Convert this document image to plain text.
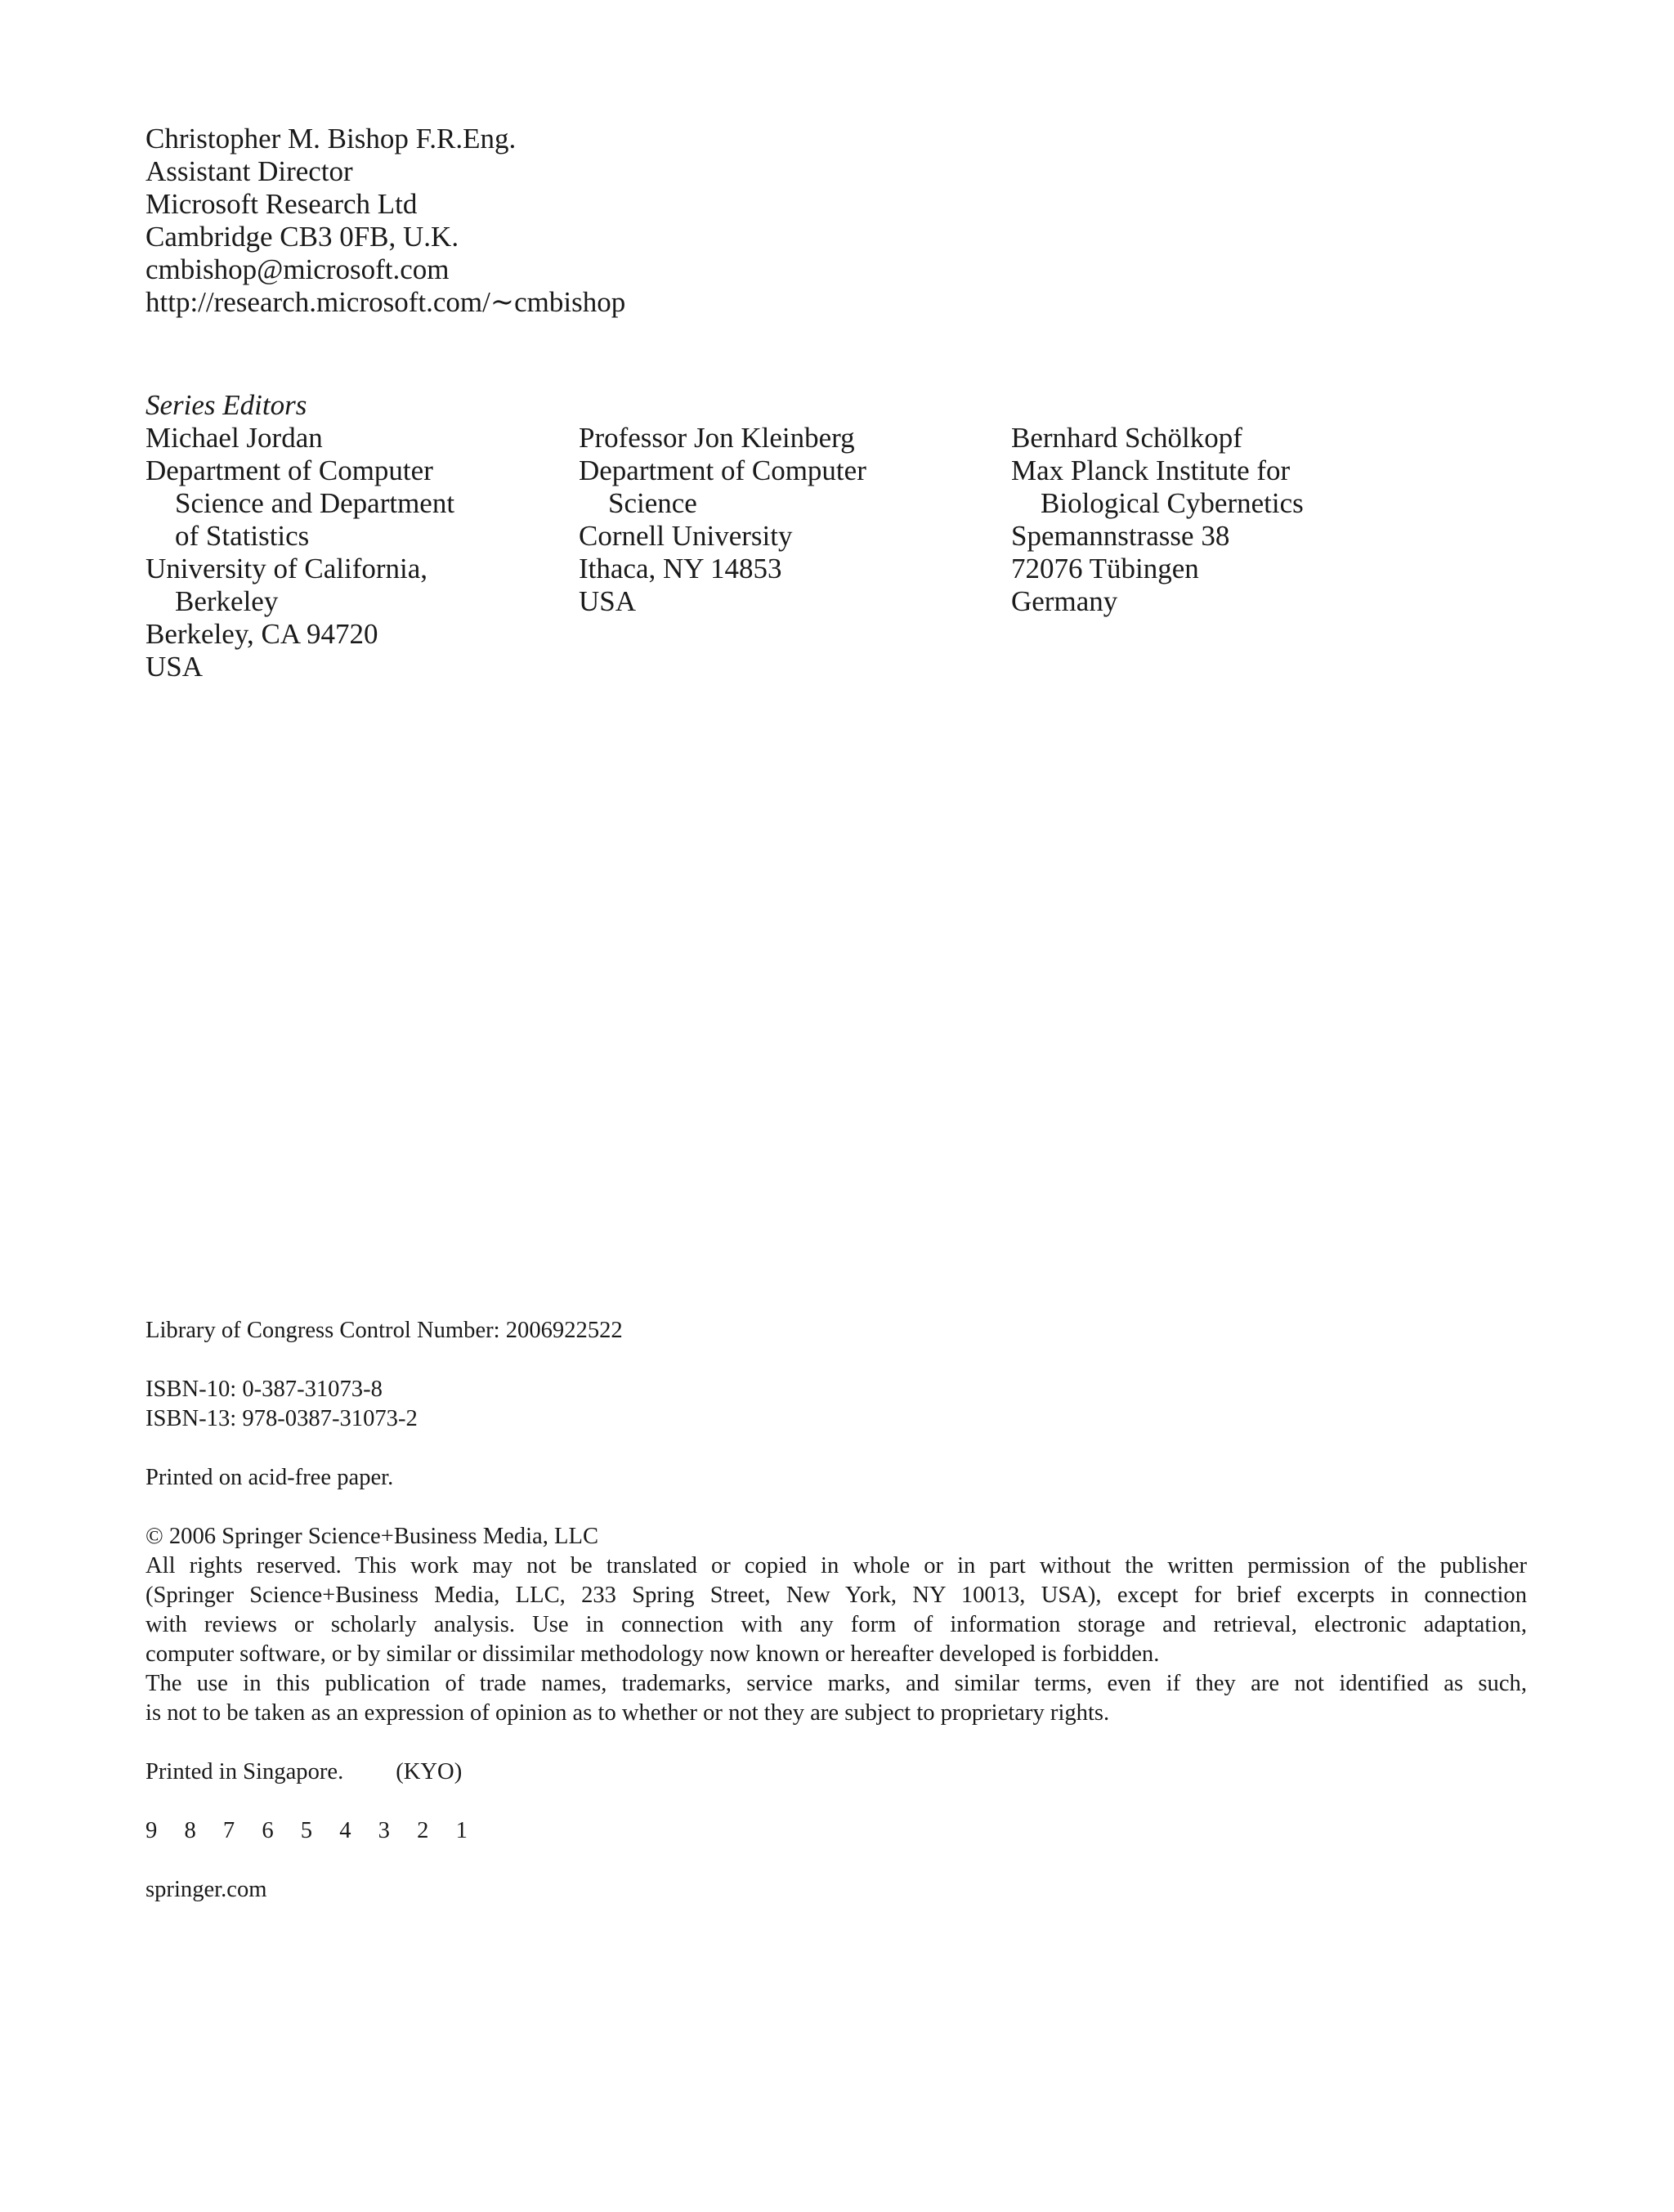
Christopher M. Bishop F.R.Eng.
Assistant Director
Microsoft Research Ltd
Cambridge CB3 0FB, U.K.
cmbishop@microsoft.com
http://research.microsoft.com/∼cmbishop
Series Editors
Michael Jordan
Department of Computer
Science and Department
of Statistics
University of California,
Berkeley
Berkeley, CA 94720
USA
Professor Jon Kleinberg
Department of Computer
Science
Cornell University
Ithaca, NY 14853
USA
Bernhard Schölkopf
Max Planck Institute for
Biological Cybernetics
Spemannstrasse 38
72076 Tübingen
Germany
Library of Congress Control Number: 2006922522
ISBN-10: 0-387-31073-8
ISBN-13: 978-0387-31073-2
Printed on acid-free paper.
© 2006 Springer Science+Business Media, LLC
All rights reserved. This work may not be translated or copied in whole or in part without the written permission of the publisher
(Springer Science+Business Media, LLC, 233 Spring Street, New York, NY 10013, USA), except for brief excerpts in connection
with reviews or scholarly analysis. Use in connection with any form of information storage and retrieval, electronic adaptation,
computer software, or by similar or dissimilar methodology now known or hereafter developed is forbidden.
The use in this publication of trade names, trademarks, service marks, and similar terms, even if they are not identified as such,
is not to be taken as an expression of opinion as to whether or not they are subject to proprietary rights.
Printed in Singapore. (KYO)
9 8 7 6 5 4 3 2 1
springer.com
